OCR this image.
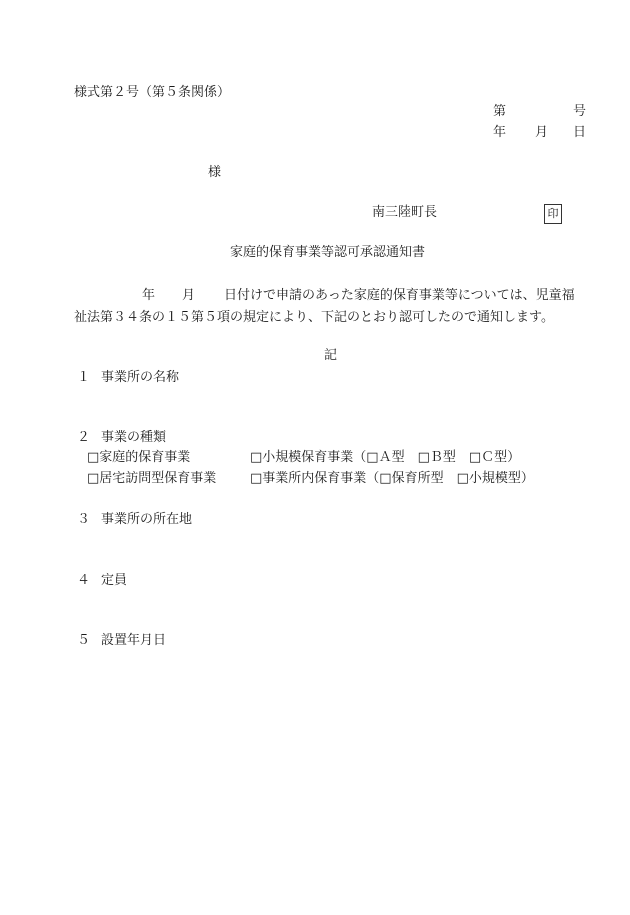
様式第２号（第５条関係）
第	号
年 月 日
様
南三陸町長	印
家庭的保育事業等認可承認通知書
年 月 日付けで申請のあった家庭的保育事業等については、児童福
祉法第３４条の１５第５項の規定により、下記のとおり認可したので通知します。
記
１ 事業所の名称
２ 事業の種類
□家庭的保育事業	□小規模保育事業（□Ａ型　□Ｂ型　□Ｃ型）
□居宅訪問型保育事業	□事業所内保育事業（□保育所型　□小規模型）
３ 事業所の所在地
４ 定員
５ 設置年月日
